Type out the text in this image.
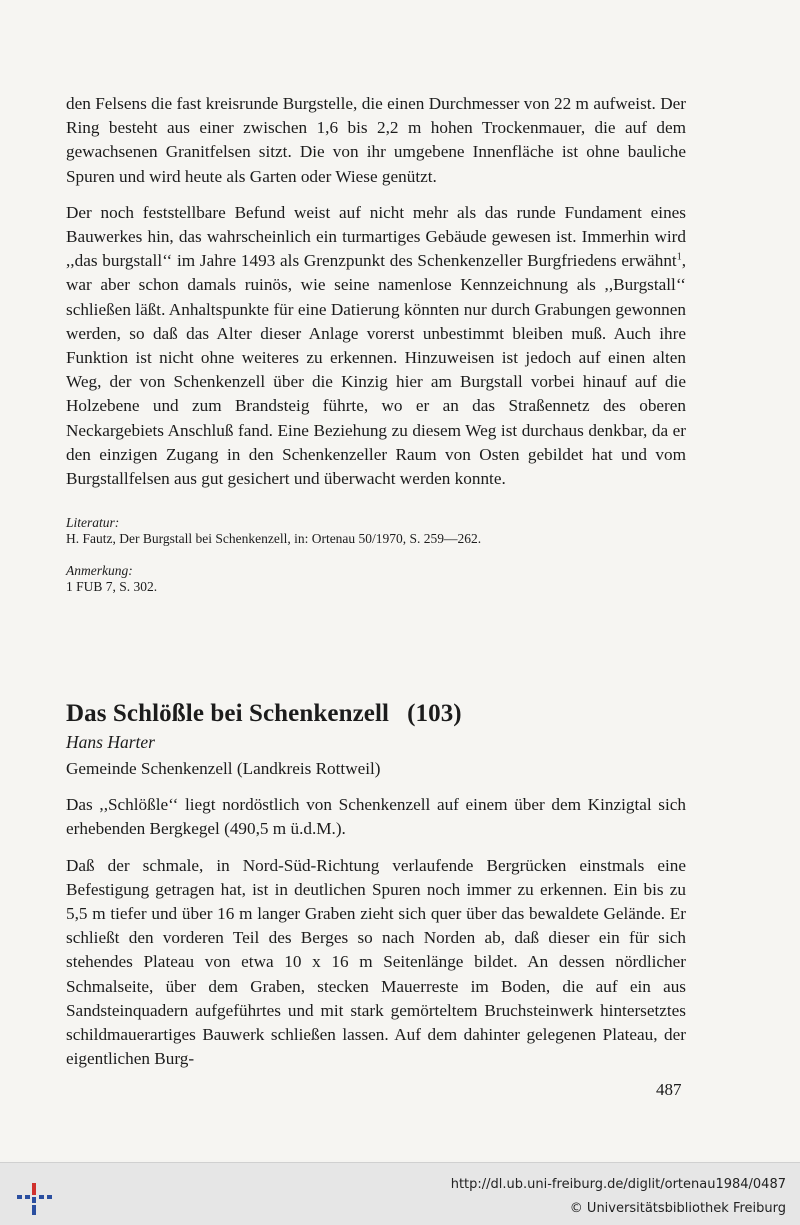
den Felsens die fast kreisrunde Burgstelle, die einen Durchmesser von 22 m aufweist. Der Ring besteht aus einer zwischen 1,6 bis 2,2 m hohen Trockenmauer, die auf dem gewachsenen Granitfelsen sitzt. Die von ihr umgebene Innenfläche ist ohne bauliche Spuren und wird heute als Garten oder Wiese genützt.

Der noch feststellbare Befund weist auf nicht mehr als das runde Fundament eines Bauwerkes hin, das wahrscheinlich ein turmartiges Gebäude gewesen ist. Immerhin wird ,,das burgstall‘‘ im Jahre 1493 als Grenzpunkt des Schenkenzeller Burgfriedens erwähnt$^1$, war aber schon damals ruinös, wie seine namenlose Kennzeichnung als ,,Burgstall‘‘ schließen läßt. Anhaltspunkte für eine Datierung könnten nur durch Grabungen gewonnen werden, so daß das Alter dieser Anlage vorerst unbestimmt bleiben muß. Auch ihre Funktion ist nicht ohne weiteres zu erkennen. Hinzuweisen ist jedoch auf einen alten Weg, der von Schenkenzell über die Kinzig hier am Burgstall vorbei hinauf auf die Holzebene und zum Brandsteig führte, wo er an das Straßennetz des oberen Neckargebiets Anschluß fand. Eine Beziehung zu diesem Weg ist durchaus denkbar, da er den einzigen Zugang in den Schenkenzeller Raum von Osten gebildet hat und vom Burgstallfelsen aus gut gesichert und überwacht werden konnte.

Literatur:

H. Fautz, Der Burgstall bei Schenkenzell, in: Ortenau 50/1970, S. 259—262.

Anmerkung:

1 FUB 7, S. 302.

Das Schlößle bei Schenkenzell (103)

Hans Harter

Gemeinde Schenkenzell (Landkreis Rottweil)

Das ,,Schlößle‘‘ liegt nordöstlich von Schenkenzell auf einem über dem Kinzigtal sich erhebenden Bergkegel (490,5 m ü.d.M.).

Daß der schmale, in Nord-Süd-Richtung verlaufende Bergrücken einstmals eine Befestigung getragen hat, ist in deutlichen Spuren noch immer zu erkennen. Ein bis zu 5,5 m tiefer und über 16 m langer Graben zieht sich quer über das bewaldete Gelände. Er schließt den vorderen Teil des Berges so nach Norden ab, daß dieser ein für sich stehendes Plateau von etwa 10 x 16 m Seitenlänge bildet. An dessen nördlicher Schmalseite, über dem Graben, stecken Mauerreste im Boden, die auf ein aus Sandsteinquadern aufgeführtes und mit stark gemörteltem Bruchsteinwerk hintersetztes schildmauerartiges Bauwerk schließen lassen. Auf dem dahinter gelegenen Plateau, der eigentlichen Burg-

487
http://dl.ub.uni-freiburg.de/diglit/ortenau1984/0487
© Universitätsbibliothek Freiburg
